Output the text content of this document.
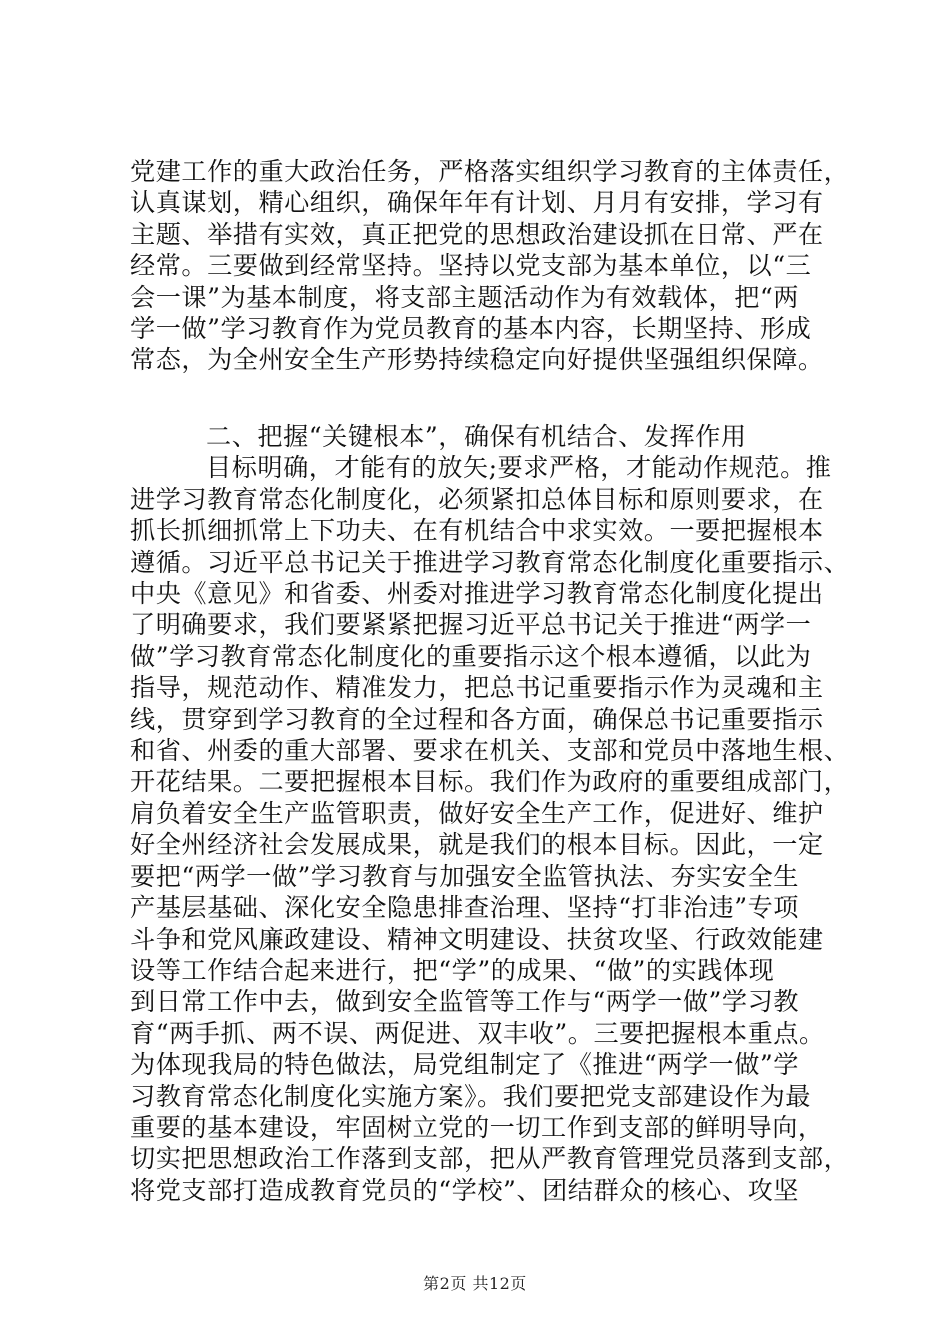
党建工作的重大政治任务，严格落实组织学习教育的主体责任，
认真谋划，精心组织，确保年年有计划、月月有安排，学习有
主题、举措有实效，真正把党的思想政治建设抓在日常、严在
经常。三要做到经常坚持。坚持以党支部为基本单位，以“三
会一课”为基本制度，将支部主题活动作为有效载体，把“两
学一做”学习教育作为党员教育的基本内容，长期坚持、形成
常态，为全州安全生产形势持续稳定向好提供坚强组织保障。
二、把握“关键根本”，确保有机结合、发挥作用
目标明确，才能有的放矢;要求严格，才能动作规范。推
进学习教育常态化制度化，必须紧扣总体目标和原则要求，在
抓长抓细抓常上下功夫、在有机结合中求实效。一要把握根本
遵循。习近平总书记关于推进学习教育常态化制度化重要指示、
中央《意见》和省委、州委对推进学习教育常态化制度化提出
了明确要求，我们要紧紧把握习近平总书记关于推进“两学一
做”学习教育常态化制度化的重要指示这个根本遵循，以此为
指导，规范动作、精准发力，把总书记重要指示作为灵魂和主
线，贯穿到学习教育的全过程和各方面，确保总书记重要指示
和省、州委的重大部署、要求在机关、支部和党员中落地生根、
开花结果。二要把握根本目标。我们作为政府的重要组成部门，
肩负着安全生产监管职责，做好安全生产工作，促进好、维护
好全州经济社会发展成果，就是我们的根本目标。因此，一定
要把“两学一做”学习教育与加强安全监管执法、夯实安全生
产基层基础、深化安全隐患排查治理、坚持“打非治违”专项
斗争和党风廉政建设、精神文明建设、扶贫攻坚、行政效能建
设等工作结合起来进行，把“学”的成果、“做”的实践体现
到日常工作中去，做到安全监管等工作与“两学一做”学习教
育“两手抓、两不误、两促进、双丰收”。三要把握根本重点。
为体现我局的特色做法，局党组制定了《推进“两学一做”学
习教育常态化制度化实施方案》。我们要把党支部建设作为最
重要的基本建设，牢固树立党的一切工作到支部的鲜明导向，
切实把思想政治工作落到支部，把从严教育管理党员落到支部，
将党支部打造成教育党员的“学校”、团结群众的核心、攻坚
第2页 共12页
